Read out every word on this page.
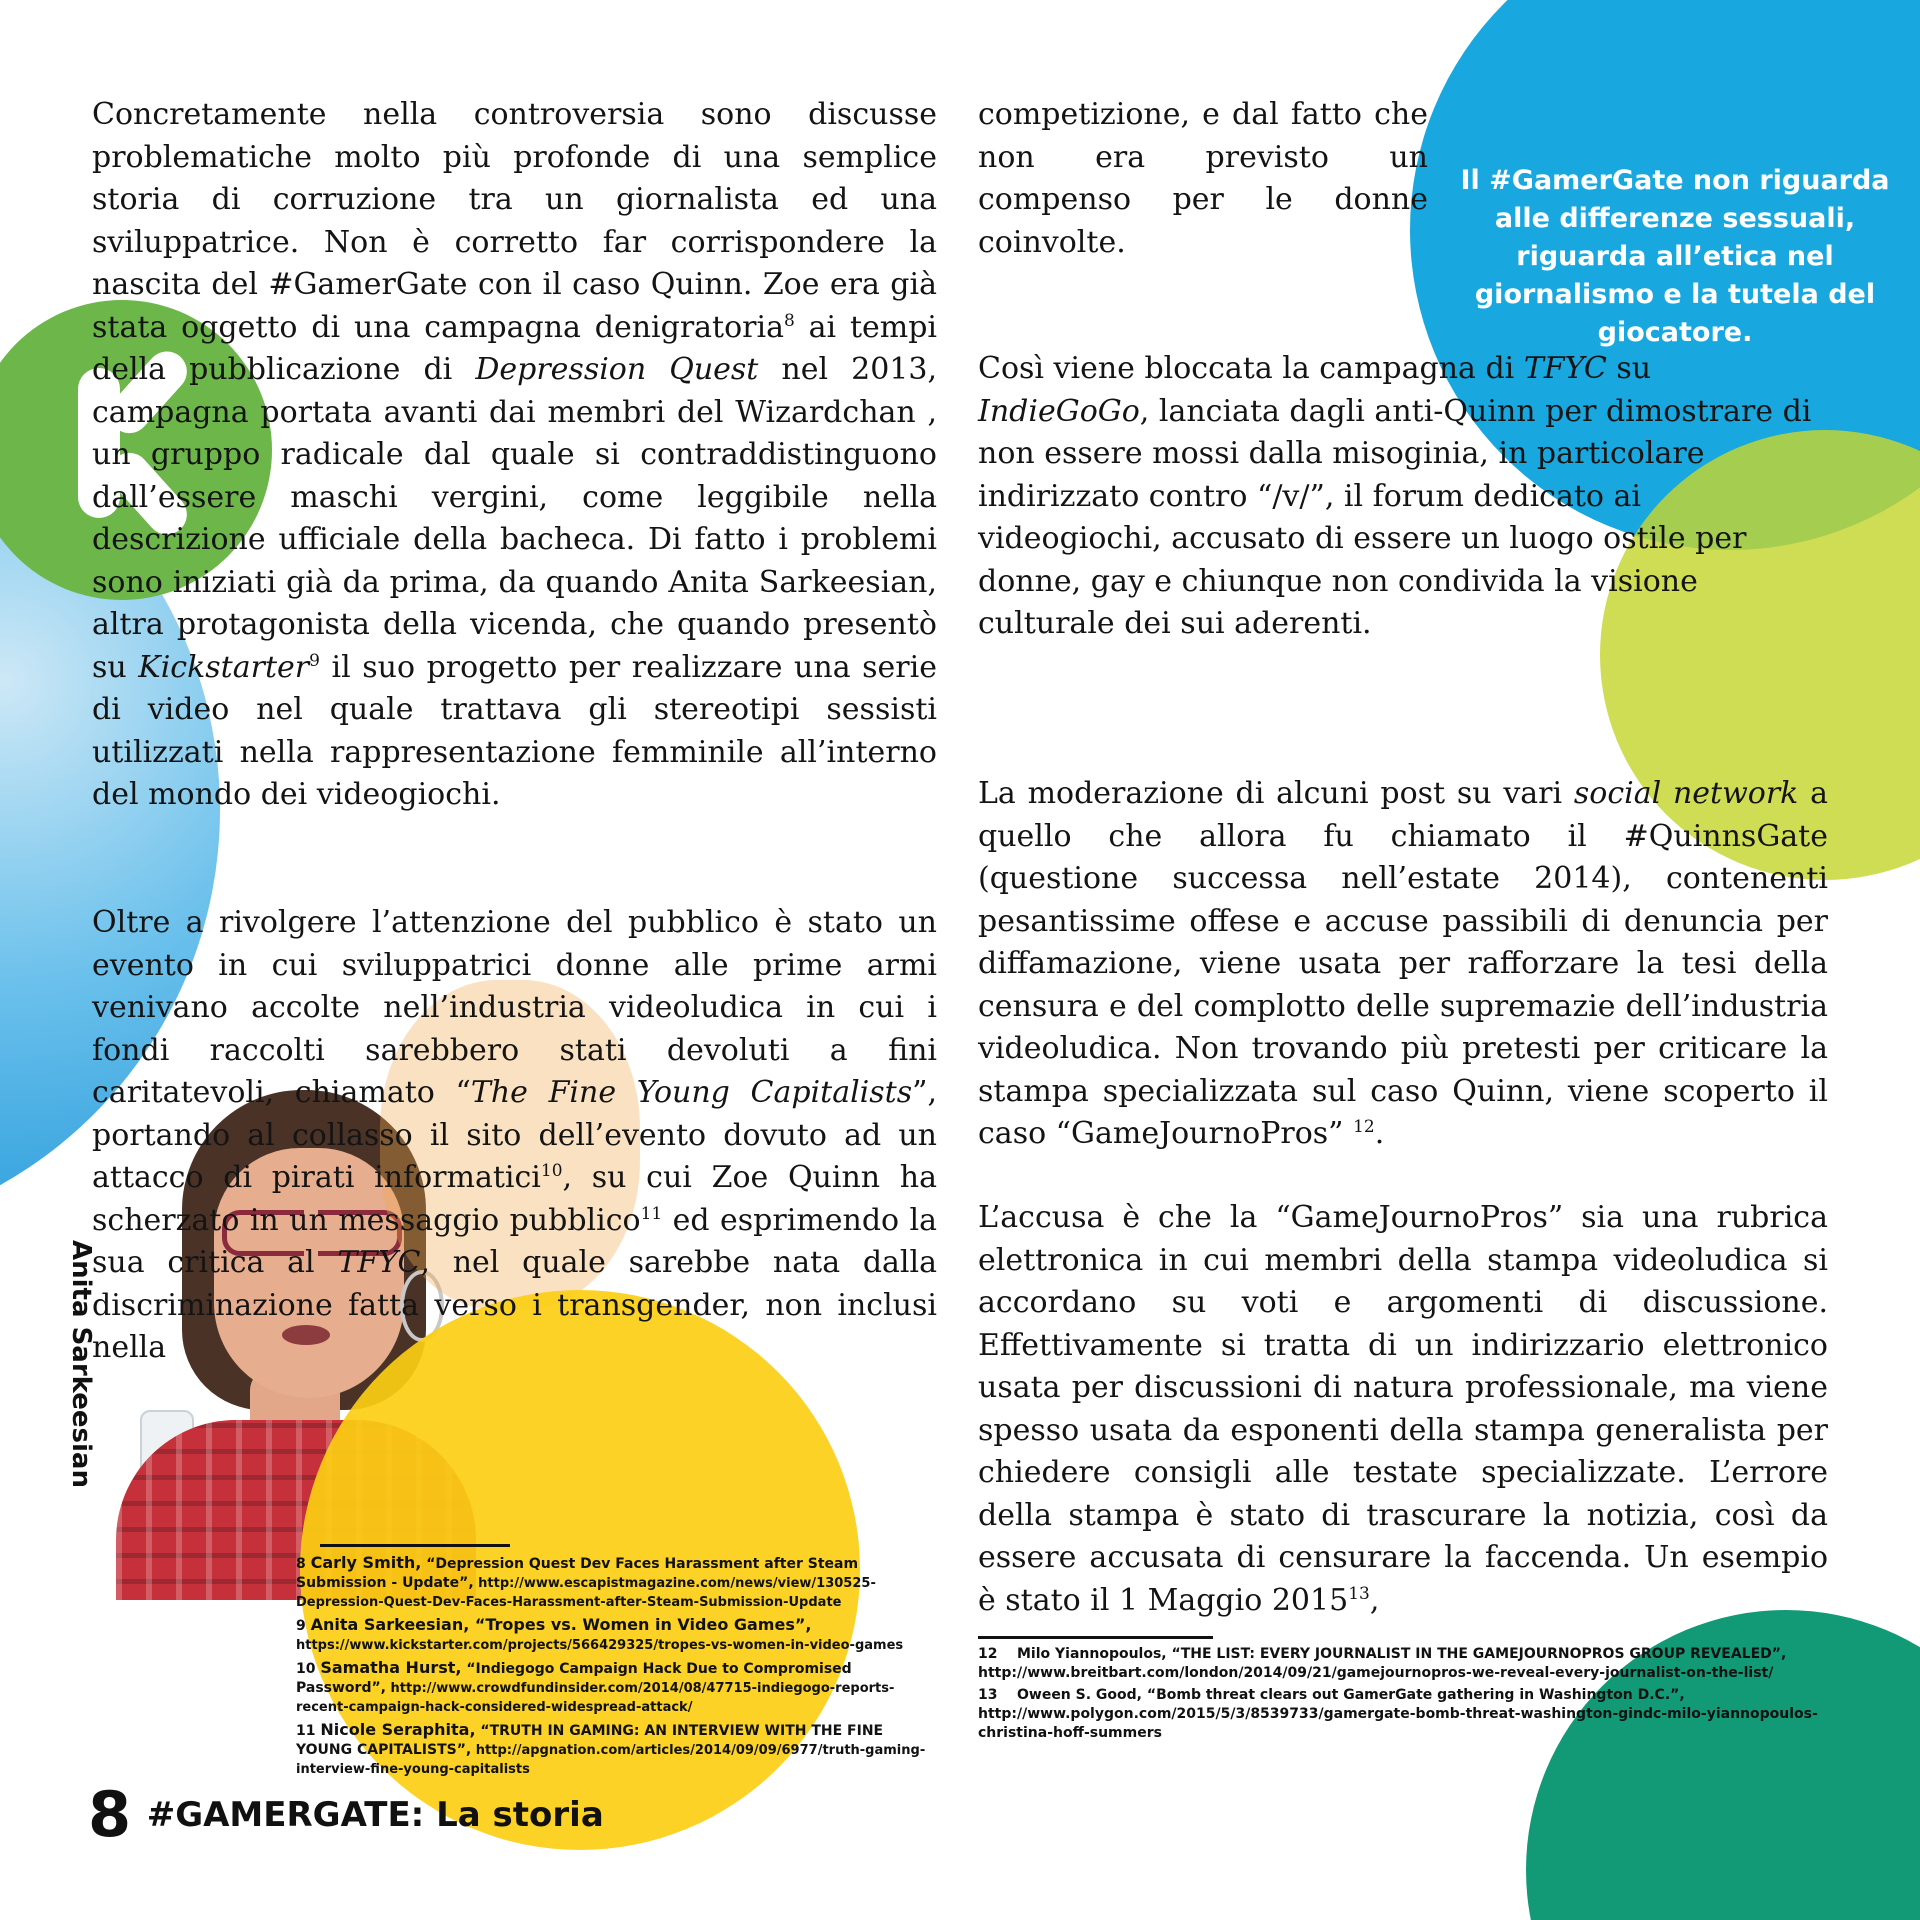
Anita Sarkeesian
Concretamente nella controversia sono discusse problematiche molto più profonde di una semplice storia di corruzione tra un giornalista ed una sviluppatrice. Non è corretto far corrispondere la nascita del #GamerGate con il caso Quinn. Zoe era già stata oggetto di una campagna denigratoria$^8$ ai tempi della pubblicazione di Depression Quest nel 2013, campagna portata avanti dai membri del Wizardchan , un gruppo radicale dal quale si contraddistinguono dall’essere maschi vergini, come leggibile nella descrizione ufficiale della bacheca. Di fatto i problemi sono iniziati già da prima, da quando Anita Sarkeesian, altra protagonista della vicenda, che quando presentò su Kickstarter$^9$ il suo progetto per realizzare una serie di video nel quale trattava gli stereotipi sessisti utilizzati nella rappresentazione femminile all’interno del mondo dei videogiochi.
Oltre a rivolgere l’attenzione del pubblico è stato un evento in cui sviluppatrici donne alle prime armi venivano accolte nell’industria videoludica in cui i fondi raccolti sarebbero stati devoluti a fini caritatevoli, chiamato “The Fine Young Capitalists”, portando al collasso il sito dell’evento dovuto ad un attacco di pirati informatici$^{10}$, su cui Zoe Quinn ha scherzato in un messaggio pubblico$^{11}$ ed esprimendo la sua critica al TFYC, nel quale sarebbe nata dalla discriminazione fatta verso i transgender, non inclusi nella
competizione, e dal fatto che non era previsto un compenso per le donne coinvolte.
Così viene bloccata la campagna di TFYC su IndieGoGo, lanciata dagli anti-Quinn per dimostrare di non essere mossi dalla misoginia, in particolare indirizzato contro “/v/”, il forum dedicato ai videogiochi, accusato di essere un luogo ostile per donne, gay e chiunque non condivida la visione culturale dei sui aderenti.
La moderazione di alcuni post su vari social network a quello che allora fu chiamato il #QuinnsGate (questione successa nell’estate 2014), contenenti pesantissime offese e accuse passibili di denuncia per diffamazione, viene usata per rafforzare la tesi della censura e del complotto delle supremazie dell’industria videoludica. Non trovando più pretesti per criticare la stampa specializzata sul caso Quinn, viene scoperto il caso “GameJournoPros” $^{12}$.
L’accusa è che la “GameJournoPros” sia una rubrica elettronica in cui membri della stampa videoludica si accordano su voti e argomenti di discussione. Effettivamente si tratta di un indirizzario elettronico usata per discussioni di natura professionale, ma viene spesso usata da esponenti della stampa generalista per chiedere consigli alle testate specializzate. L’errore della stampa è stato di trascurare la notizia, così da essere accusata di censurare la faccenda. Un esempio è stato il 1 Maggio 2015$^{13}$,
Il #GamerGate non riguarda alle differenze sessuali, riguarda all’etica nel giornalismo e la tutela del giocatore.
8 Carly Smith, “Depression Quest Dev Faces Harassment after Steam Submission - Update”, http://www.escapistmagazine.com/news/view/130525-Depression-Quest-Dev-Faces-Harassment-after-Steam-Submission-Update
9 Anita Sarkeesian, “Tropes vs. Women in Video Games”, https://www.kickstarter.com/projects/566429325/tropes-vs-women-in-video-games
10 Samatha Hurst, “Indiegogo Campaign Hack Due to Compromised Password”, http://www.crowdfundinsider.com/2014/08/47715-indiegogo-reports-recent-campaign-hack-considered-widespread-attack/
11 Nicole Seraphita, “TRUTH IN GAMING: AN INTERVIEW WITH THE FINE YOUNG CAPITALISTS”, http://apgnation.com/articles/2014/09/09/6977/truth-gaming-interview-fine-young-capitalists
12 Milo Yiannopoulos, “THE LIST: EVERY JOURNALIST IN THE GAMEJOURNOPROS GROUP REVEALED”, http://www.breitbart.com/london/2014/09/21/gamejournopros-we-reveal-every-journalist-on-the-list/
13 Oween S. Good, “Bomb threat clears out GamerGate gathering in Washington D.C.”, http://www.polygon.com/2015/5/3/8539733/gamergate-bomb-threat-washington-gindc-milo-yiannopoulos-christina-hoff-summers
8 #GAMERGATE: La storia
